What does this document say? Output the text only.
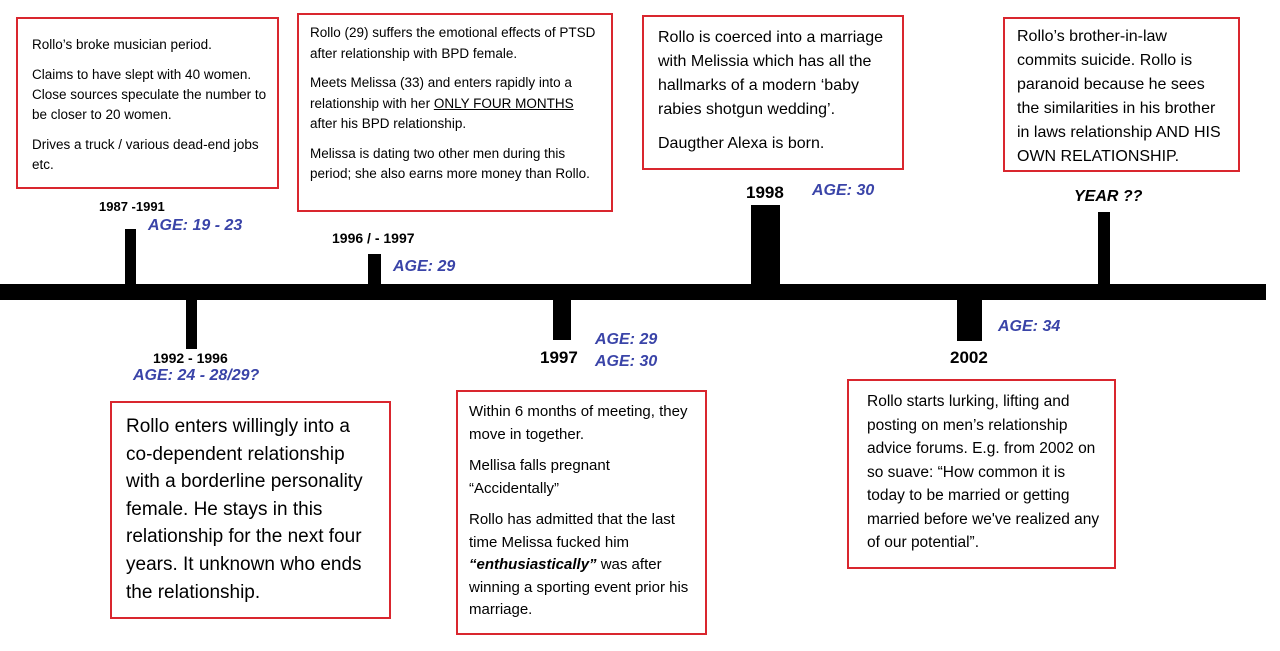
1987 -1991
1992 - 1996
1996 / - 1997
1997
1998
2002
YEAR ??
AGE: 19 - 23
AGE: 24 - 28/29?
AGE: 29
AGE: 29
AGE: 30
AGE: 30
AGE: 34

Rollo’s broke musician period.

Claims to have slept with 40 women. Close sources speculate the number to be closer to 20 women.

Drives a truck / various dead-end jobs etc.

Rollo enters willingly into a co-dependent relationship with a borderline personality female. He stays in this relationship for the next four years. It unknown who ends the relationship.

Rollo (29) suffers the emotional effects of PTSD after relationship with BPD female.

Meets Melissa (33) and enters rapidly into a relationship with her ONLY FOUR MONTHS after his BPD relationship.

Melissa is dating two other men during this period; she also earns more money than Rollo.

Within 6 months of meeting, they move in together.

Mellisa falls pregnant “Accidentally”

Rollo has admitted that the last time Melissa fucked him “enthusiastically” was after winning a sporting event prior his marriage.

Rollo is coerced into a marriage with Melissia which has all the hallmarks of a modern ‘baby rabies shotgun wedding’.

Daugther Alexa is born.

Rollo starts lurking, lifting and posting on men’s relationship advice forums. E.g. from 2002 on so suave: “How common it is today to be married or getting married before we've realized any of our potential”.

Rollo’s brother-in-law commits suicide. Rollo is paranoid because he sees the similarities in his brother in laws relationship AND HIS OWN RELATIONSHIP.
